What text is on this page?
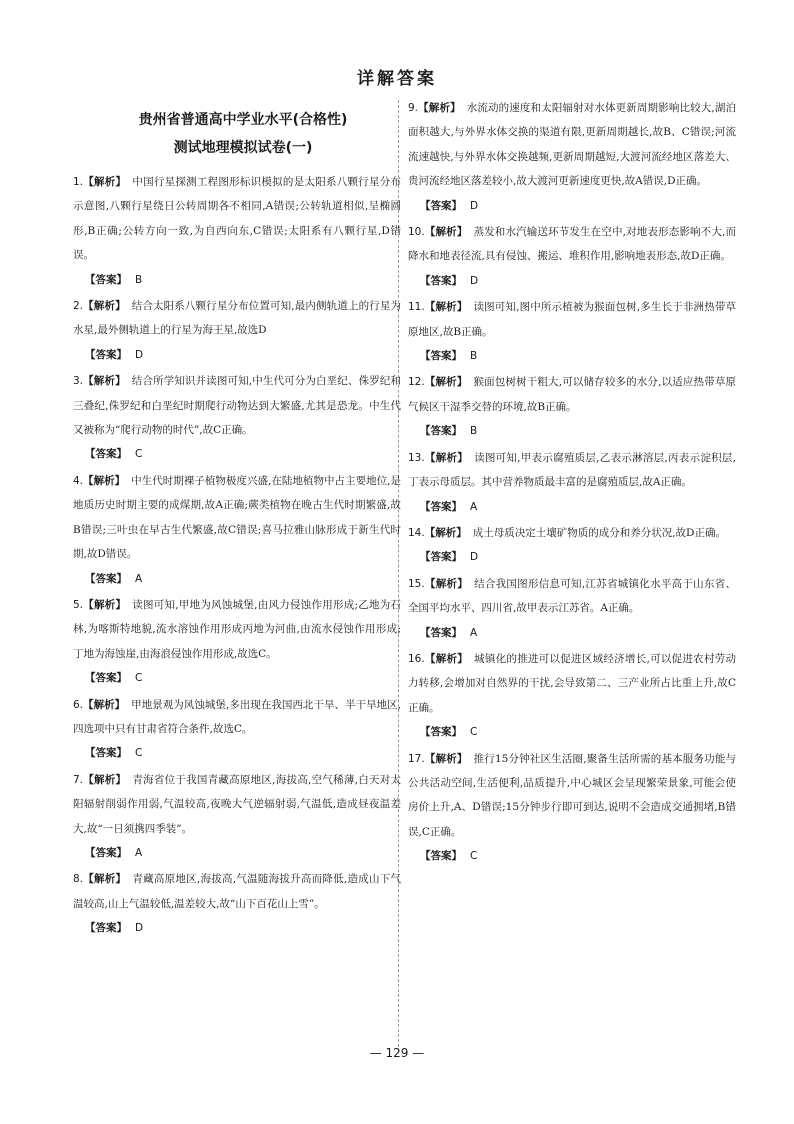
详解答案
贵州省普通高中学业水平(合格性)
测试地理模拟试卷(一)
1.【解析】 中国行星探测工程图形标识模拟的是太阳系八颗行星分布示意图,八颗行星绕日公转周期各不相同,A错误;公转轨道相似,呈椭圆形,B正确;公转方向一致,为自西向东,C错误;太阳系有八颗行星,D错误。
【答案】 B
2.【解析】 结合太阳系八颗行星分布位置可知,最内侧轨道上的行星为水星,最外侧轨道上的行星为海王星,故选D
【答案】 D
3.【解析】 结合所学知识并读图可知,中生代可分为白垩纪、侏罗纪和三叠纪,侏罗纪和白垩纪时期爬行动物达到大繁盛,尤其是恐龙。中生代又被称为“爬行动物的时代”,故C正确。
【答案】 C
4.【解析】 中生代时期裸子植物极度兴盛,在陆地植物中占主要地位,是地质历史时期主要的成煤期,故A正确;蕨类植物在晚古生代时期繁盛,故B错误;三叶虫在早古生代繁盛,故C错误;喜马拉雅山脉形成于新生代时期,故D错误。
【答案】 A
5.【解析】 读图可知,甲地为风蚀城堡,由风力侵蚀作用形成;乙地为石林,为喀斯特地貌,流水溶蚀作用形成丙地为河曲,由流水侵蚀作用形成;丁地为海蚀崖,由海浪侵蚀作用形成,故选C。
【答案】 C
6.【解析】 甲地景观为风蚀城堡,多出现在我国西北干旱、半干旱地区,四选项中只有甘肃省符合条件,故选C。
【答案】 C
7.【解析】 青海省位于我国青藏高原地区,海拔高,空气稀薄,白天对太阳辐射削弱作用弱,气温较高,夜晚大气逆辐射弱,气温低,造成昼夜温差大,故“一日须携四季装”。
【答案】 A
8.【解析】 青藏高原地区,海拔高,气温随海拔升高而降低,造成山下气温较高,山上气温较低,温差较大,故“山下百花山上雪”。
【答案】 D
9.【解析】 水流动的速度和太阳辐射对水体更新周期影响比较大,湖泊面积越大,与外界水体交换的渠道有限,更新周期越长,故B、C错误;河流流速越快,与外界水体交换越频,更新周期越短,大渡河流经地区落差大、贵河流经地区落差较小,故大渡河更新速度更快,故A错误,D正确。
【答案】 D
10.【解析】 蒸发和水汽输送环节发生在空中,对地表形态影响不大,而降水和地表径流,具有侵蚀、搬运、堆积作用,影响地表形态,故D正确。
【答案】 D
11.【解析】 读图可知,图中所示植被为猴面包树,多生长于非洲热带草原地区,故B正确。
【答案】 B
12.【解析】 猴面包树树干粗大,可以储存较多的水分,以适应热带草原气候区干湿季交替的环境,故B正确。
【答案】 B
13.【解析】 读图可知,甲表示腐殖质层,乙表示淋溶层,丙表示淀积层,丁表示母质层。其中营养物质最丰富的是腐殖质层,故A正确。
【答案】 A
14.【解析】 成土母质决定土壤矿物质的成分和养分状况,故D正确。
【答案】 D
15.【解析】 结合我国图形信息可知,江苏省城镇化水平高于山东省、全国平均水平、四川省,故甲表示江苏省。A正确。
【答案】 A
16.【解析】 城镇化的推进可以促进区域经济增长,可以促进农村劳动力转移,会增加对自然界的干扰,会导致第二、三产业所占比重上升,故C正确。
【答案】 C
17.【解析】 推行15分钟社区生活圈,聚备生活所需的基本服务功能与公共活动空间,生活便利,品质提升,中心城区会呈现繁荣景象,可能会使房价上升,A、D错误;15分钟步行即可到达,说明不会造成交通拥堵,B错误,C正确。
【答案】 C
— 129 —
